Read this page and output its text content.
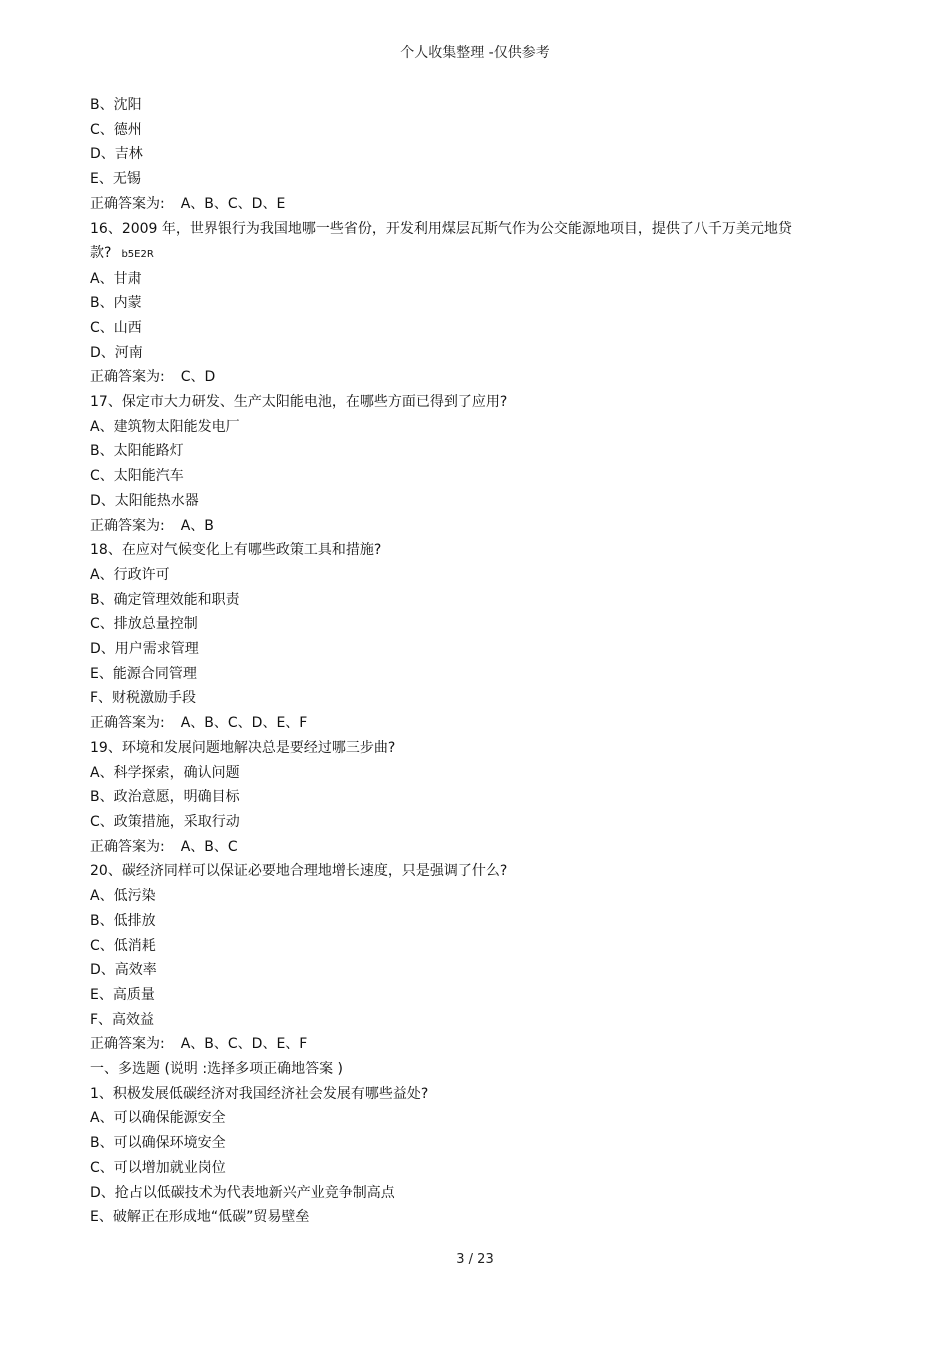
个人收集整理 -仅供参考
B、沈阳
C、德州
D、吉林
E、无锡
正确答案为: A、B、C、D、E
16、2009 年，世界银行为我国地哪一些省份，开发利用煤层瓦斯气作为公交能源地项目，提供了八千万美元地贷款? b5E2R
A、甘肃
B、内蒙
C、山西
D、河南
正确答案为: C、D
17、保定市大力研发、生产太阳能电池，在哪些方面已得到了应用?
A、建筑物太阳能发电厂
B、太阳能路灯
C、太阳能汽车
D、太阳能热水器
正确答案为: A、B
18、在应对气候变化上有哪些政策工具和措施?
A、行政许可
B、确定管理效能和职责
C、排放总量控制
D、用户需求管理
E、能源合同管理
F、财税激励手段
正确答案为: A、B、C、D、E、F
19、环境和发展问题地解决总是要经过哪三步曲?
A、科学探索，确认问题
B、政治意愿，明确目标
C、政策措施，采取行动
正确答案为: A、B、C
20、碳经济同样可以保证必要地合理地增长速度，只是强调了什么?
A、低污染
B、低排放
C、低消耗
D、高效率
E、高质量
F、高效益
正确答案为: A、B、C、D、E、F
一、多选题 (说明 :选择多项正确地答案 )
1、积极发展低碳经济对我国经济社会发展有哪些益处?
A、可以确保能源安全
B、可以确保环境安全
C、可以增加就业岗位
D、抢占以低碳技术为代表地新兴产业竞争制高点
E、破解正在形成地“低碳”贸易壁垒
3 / 23
